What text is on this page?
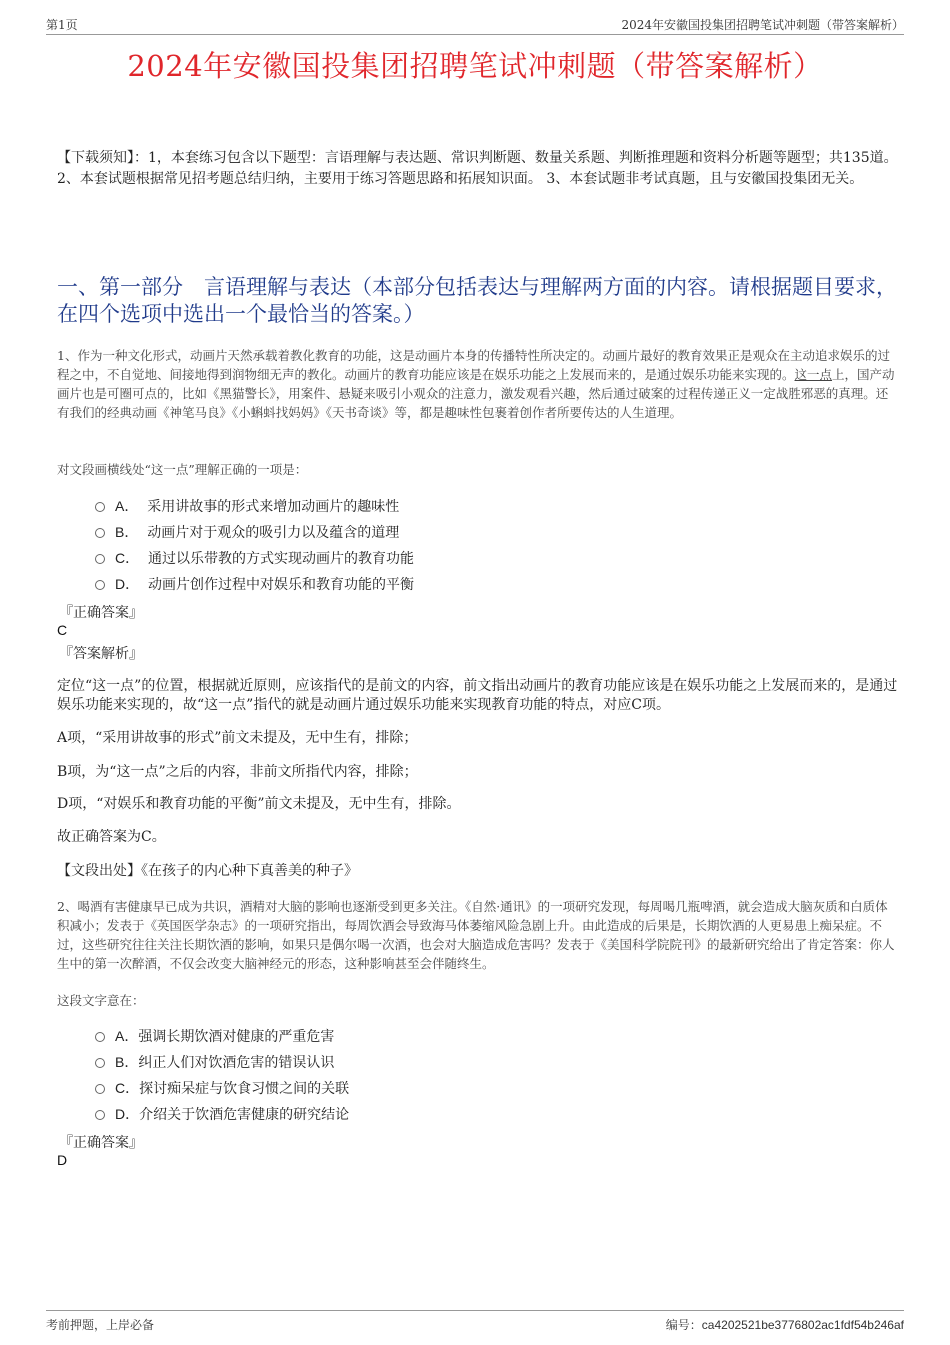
第1页	2024年安徽国投集团招聘笔试冲刺题（带答案解析）
2024年安徽国投集团招聘笔试冲刺题（带答案解析）
【下载须知】：1，本套练习包含以下题型：言语理解与表达题、常识判断题、数量关系题、判断推理题和资料分析题等题型；共135道。 2、本套试题根据常见招考题总结归纳，主要用于练习答题思路和拓展知识面。 3、本套试题非考试真题，且与安徽国投集团无关。
一、第一部分　言语理解与表达（本部分包括表达与理解两方面的内容。请根据题目要求，在四个选项中选出一个最恰当的答案。）
1、作为一种文化形式，动画片天然承载着教化教育的功能，这是动画片本身的传播特性所决定的。动画片最好的教育效果正是观众在主动追求娱乐的过程之中，不自觉地、间接地得到润物细无声的教化。动画片的教育功能应该是在娱乐功能之上发展而来的，是通过娱乐功能来实现的。这一点上，国产动画片也是可圈可点的，比如《黑猫警长》，用案件、悬疑来吸引小观众的注意力，激发观看兴趣，然后通过破案的过程传递正义一定战胜邪恶的真理。还有我们的经典动画《神笔马良》《小蝌蚪找妈妈》《天书奇谈》等，都是趣味性包裹着创作者所要传达的人生道理。
对文段画横线处“这一点”理解正确的一项是：
A． 采用讲故事的形式来增加动画片的趣味性
B． 动画片对于观众的吸引力以及蕴含的道理
C． 通过以乐带教的方式实现动画片的教育功能
D． 动画片创作过程中对娱乐和教育功能的平衡
『正确答案』
C
『答案解析』
定位“这一点”的位置，根据就近原则，应该指代的是前文的内容，前文指出动画片的教育功能应该是在娱乐功能之上发展而来的，是通过娱乐功能来实现的，故“这一点”指代的就是动画片通过娱乐功能来实现教育功能的特点，对应C项。
A项，“采用讲故事的形式”前文未提及，无中生有，排除；
B项，为“这一点”之后的内容，非前文所指代内容，排除；
D项，“对娱乐和教育功能的平衡”前文未提及，无中生有，排除。
故正确答案为C。
【文段出处】《在孩子的内心种下真善美的种子》
2、喝酒有害健康早已成为共识，酒精对大脑的影响也逐渐受到更多关注。《自然·通讯》的一项研究发现，每周喝几瓶啤酒，就会造成大脑灰质和白质体积减小；发表于《英国医学杂志》的一项研究指出，每周饮酒会导致海马体萎缩风险急剧上升。由此造成的后果是，长期饮酒的人更易患上痴呆症。不过，这些研究往往关注长期饮酒的影响，如果只是偶尔喝一次酒，也会对大脑造成危害吗？发表于《美国科学院院刊》的最新研究给出了肯定答案：你人生中的第一次醉酒，不仅会改变大脑神经元的形态，这种影响甚至会伴随终生。
这段文字意在：
A．强调长期饮酒对健康的严重危害
B．纠正人们对饮酒危害的错误认识
C．探讨痴呆症与饮食习惯之间的关联
D．介绍关于饮酒危害健康的研究结论
『正确答案』
D
考前押题，上岸必备	编号：ca4202521be3776802ac1fdf54b246af
